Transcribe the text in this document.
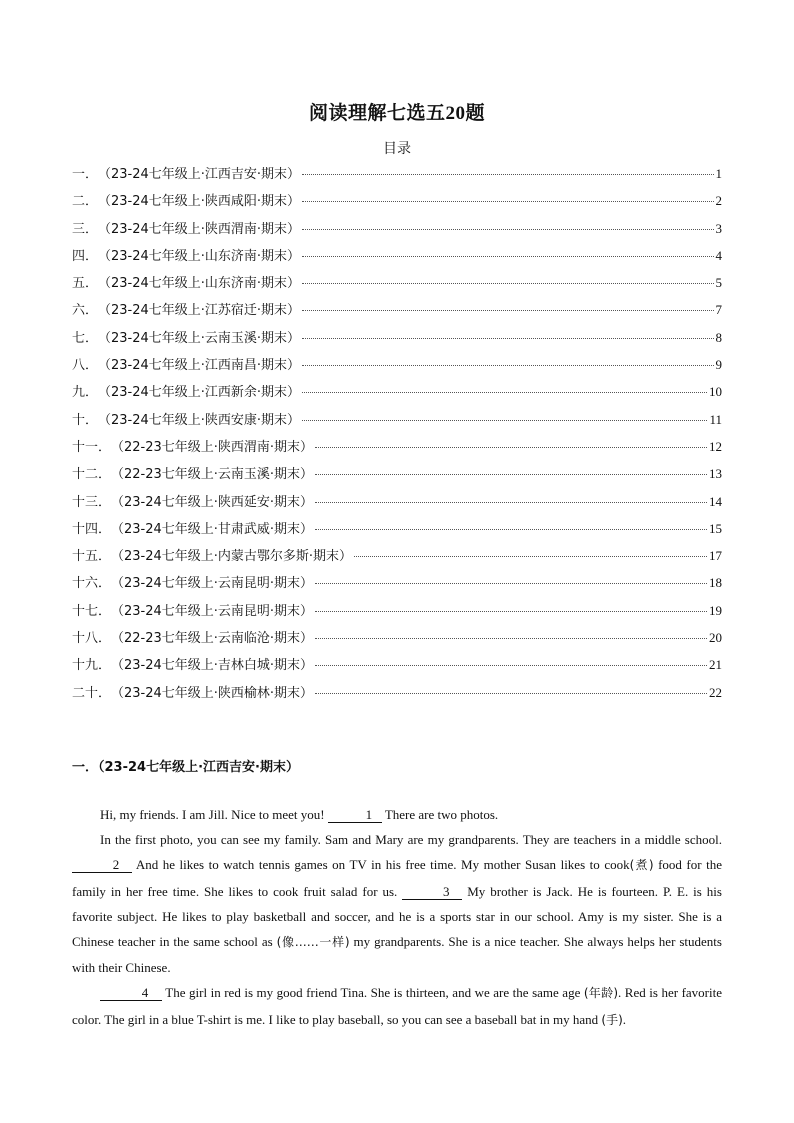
阅读理解七选五20题
目录
一． （23-24七年级上·江西吉安·期末）	1
二． （23-24七年级上·陕西咸阳·期末）	2
三． （23-24七年级上·陕西渭南·期末）	3
四． （23-24七年级上·山东济南·期末）	4
五． （23-24七年级上·山东济南·期末）	5
六． （23-24七年级上·江苏宿迁·期末）	7
七． （23-24七年级上·云南玉溪·期末）	8
八． （23-24七年级上·江西南昌·期末）	9
九． （23-24七年级上·江西新余·期末）	10
十． （23-24七年级上·陕西安康·期末）	11
十一． （22-23七年级上·陕西渭南·期末）	12
十二． （22-23七年级上·云南玉溪·期末）	13
十三． （23-24七年级上·陕西延安·期末）	14
十四． （23-24七年级上·甘肃武威·期末）	15
十五． （23-24七年级上·内蒙古鄂尔多斯·期末）	17
十六． （23-24七年级上·云南昆明·期末）	18
十七． （23-24七年级上·云南昆明·期末）	19
十八． （22-23七年级上·云南临沧·期末）	20
十九． （23-24七年级上·吉林白城·期末）	21
二十． （23-24七年级上·陕西榆林·期末）	22
一．（23-24七年级上·江西吉安·期末）

Hi, my friends. I am Jill. Nice to meet you!	1 There are two photos.

In the first photo, you can see my family. Sam and Mary are my grandparents. They are teachers in a middle school. 2 And he likes to watch tennis games on TV in his free time. My mother Susan likes to cook(煮) food for the family in her free time. She likes to cook fruit salad for us.	3 My brother is Jack. He is fourteen. P. E. is his favorite subject. He likes to play basketball and soccer, and he is a sports star in our school. Amy is my sister. She is a Chinese teacher in the same school as (像……一样) my grandparents. She is a nice teacher. She always helps her students with their Chinese.

4 The girl in red is my good friend Tina. She is thirteen, and we are the same age (年龄). Red is her favorite color. The girl in a blue T-shirt is me. I like to play baseball, so you can see a baseball bat in my hand (手).
